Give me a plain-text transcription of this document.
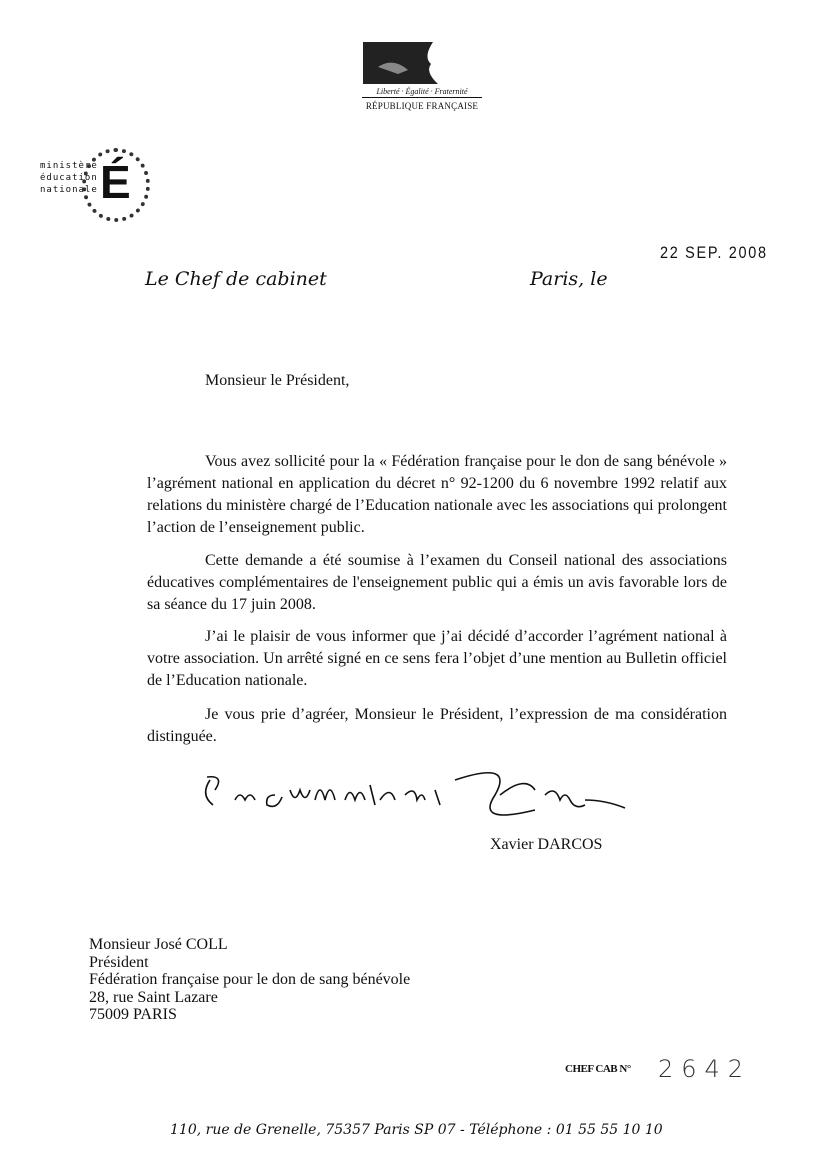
Liberté · Égalité · Fraternité
RÉPUBLIQUE FRANÇAISE
É
ministère
éducation
nationale
22 SEP. 2008
Le Chef de cabinet	Paris, le
Monsieur le Président,
Vous avez sollicité pour la « Fédération française pour le don de sang bénévole » l’agrément national en application du décret n° 92-1200 du 6 novembre 1992 relatif aux relations du ministère chargé de l’Education nationale avec les associations qui prolongent l’action de l’enseignement public.
Cette demande a été soumise à l’examen du Conseil national des associations éducatives complémentaires de l'enseignement public qui a émis un avis favorable lors de sa séance du 17 juin 2008.
J’ai le plaisir de vous informer que j’ai décidé d’accorder l’agrément national à votre association. Un arrêté signé en ce sens fera l’objet d’une mention au Bulletin officiel de l’Education nationale.
Je vous prie d’agréer, Monsieur le Président, l’expression de ma considération distinguée.
Xavier DARCOS
Monsieur José COLL
Président
Fédération française pour le don de sang bénévole
28, rue Saint Lazare
75009 PARIS
CHEF CAB N° 2642
110, rue de Grenelle, 75357 Paris SP 07 - Téléphone : 01 55 55 10 10
